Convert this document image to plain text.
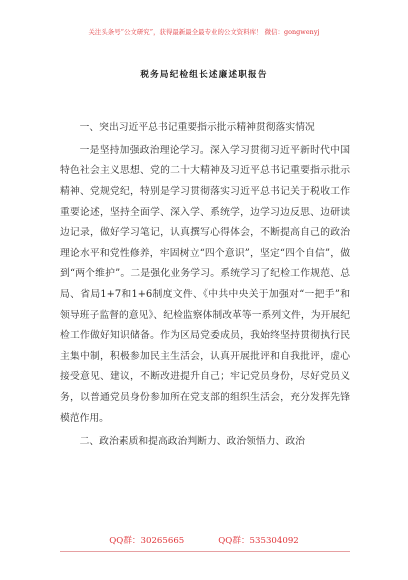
关注头条号“公文研究”，获得最新最全最专业的公文资料库！ 微信：gongwenyj
税务局纪检组长述廉述职报告

一、突出习近平总书记重要指示批示精神贯彻落实情况

一是坚持加强政治理论学习。深入学习贯彻习近平新时代中国特色社会主义思想、党的二十大精神及习近平总书记重要指示批示精神、党规党纪，特别是学习贯彻落实习近平总书记关于税收工作重要论述，坚持全面学、深入学、系统学，边学习边反思、边研读边记录，做好学习笔记，认真撰写心得体会，不断提高自己的政治理论水平和党性修养，牢固树立“四个意识”，坚定“四个自信”，做到“两个维护”。二是强化业务学习。系统学习了纪检工作规范、总局、省局1+7和1+6制度文件、《中共中央关于加强对“一把手”和领导班子监督的意见》、纪检监察体制改革等一系列文件，为开展纪检工作做好知识储备。作为区局党委成员，我始终坚持贯彻执行民主集中制，积极参加民主生活会，认真开展批评和自我批评，虚心接受意见、建议，不断改进提升自己；牢记党员身份，尽好党员义务，以普通党员身份参加所在党支部的组织生活会，充分发挥先锋模范作用。

二、政治素质和提高政治判断力、政治领悟力、政治

QQ群：30265665	QQ群：535304092
